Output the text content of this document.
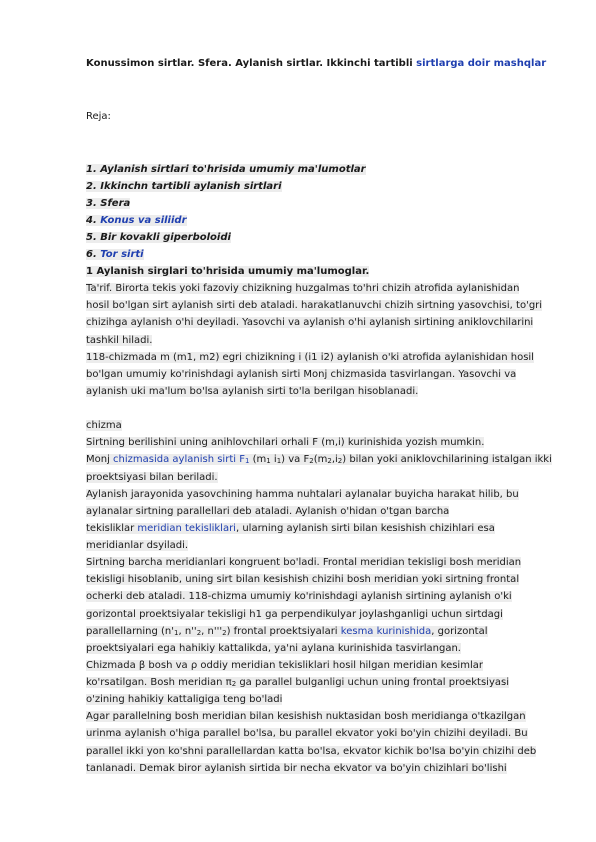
Konussimon sirtlar. Sfera. Aylanish sirtlar. Ikkinchi tartibli sirtlarga doir mashqlar
Reja:
1. Aylanish sirtlari to'hrisida umumiy ma'lumotlar
2. Ikkinchn tartibli aylanish sirtlari
3. Sfera
4. Konus va siliidr
5. Bir kovakli giperboloidi
6. Tor sirti
1 Aylanish sirglari to'hrisida umumiy ma'lumoglar.
Ta'rif. Birorta tekis yoki fazoviy chizikning huzgalmas to'hri chizih atrofida aylanishidan
hosil bo'lgan sirt aylanish sirti deb ataladi. harakatlanuvchi chizih sirtning yasovchisi, to'gri
chizihga aylanish o'hi deyiladi. Yasovchi va aylanish o'hi aylanish sirtining aniklovchilarini
tashkil hiladi.
118-chizmada m (m1, m2) egri chizikning i (i1 i2) aylanish o'ki atrofida aylanishidan hosil
bo'lgan umumiy ko'rinishdagi aylanish sirti Monj chizmasida tasvirlangan. Yasovchi va
aylanish uki ma'lum bo'lsa aylanish sirti to'la berilgan hisoblanadi.
chizma
Sirtning berilishini uning anihlovchilari orhali F (m,i) kurinishida yozish mumkin.
Monj chizmasida aylanish sirti $F_1$ ($m_1$ $i_1$) va $F_2(m_2,i_2)$ bilan yoki aniklovchilarining istalgan ikki
proektsiyasi bilan beriladi.
Aylanish jarayonida yasovchining hamma nuhtalari aylanalar buyicha harakat hilib, bu
aylanalar sirtning parallellari deb ataladi. Aylanish o'hidan o'tgan barcha
tekisliklar meridian tekisliklari, ularning aylanish sirti bilan kesishish chizihlari esa
meridianlar dsyiladi.
Sirtning barcha meridianlari kongruent bo'ladi. Frontal meridian tekisligi bosh meridian
tekisligi hisoblanib, uning sirt bilan kesishish chizihi bosh meridian yoki sirtning frontal
ocherki deb ataladi. 118-chizma umumiy ko'rinishdagi aylanish sirtining aylanish o'ki
gorizontal proektsiyalar tekisligi h1 ga perpendikulyar joylashganligi uchun sirtdagi
parallellarning ($n'_1$, $n''_2$, $n'''_2$) frontal proektsiyalari kesma kurinishida, gorizontal
proektsiyalari ega hahikiy kattalikda, ya'ni aylana kurinishida tasvirlangan.
Chizmada β bosh va ρ oddiy meridian tekisliklari hosil hilgan meridian kesimlar
ko'rsatilgan. Bosh meridian $\pi_2$ ga parallel bulganligi uchun uning frontal proektsiyasi
o'zining hahikiy kattaligiga teng bo'ladi
Agar parallelning bosh meridian bilan kesishish nuktasidan bosh meridianga o'tkazilgan
urinma aylanish o'higa parallel bo'lsa, bu parallel ekvator yoki bo'yin chizihi deyiladi. Bu
parallel ikki yon ko'shni parallellardan katta bo'lsa, ekvator kichik bo'lsa bo'yin chizihi deb
tanlanadi. Demak biror aylanish sirtida bir necha ekvator va bo'yin chizihlari bo'lishi
